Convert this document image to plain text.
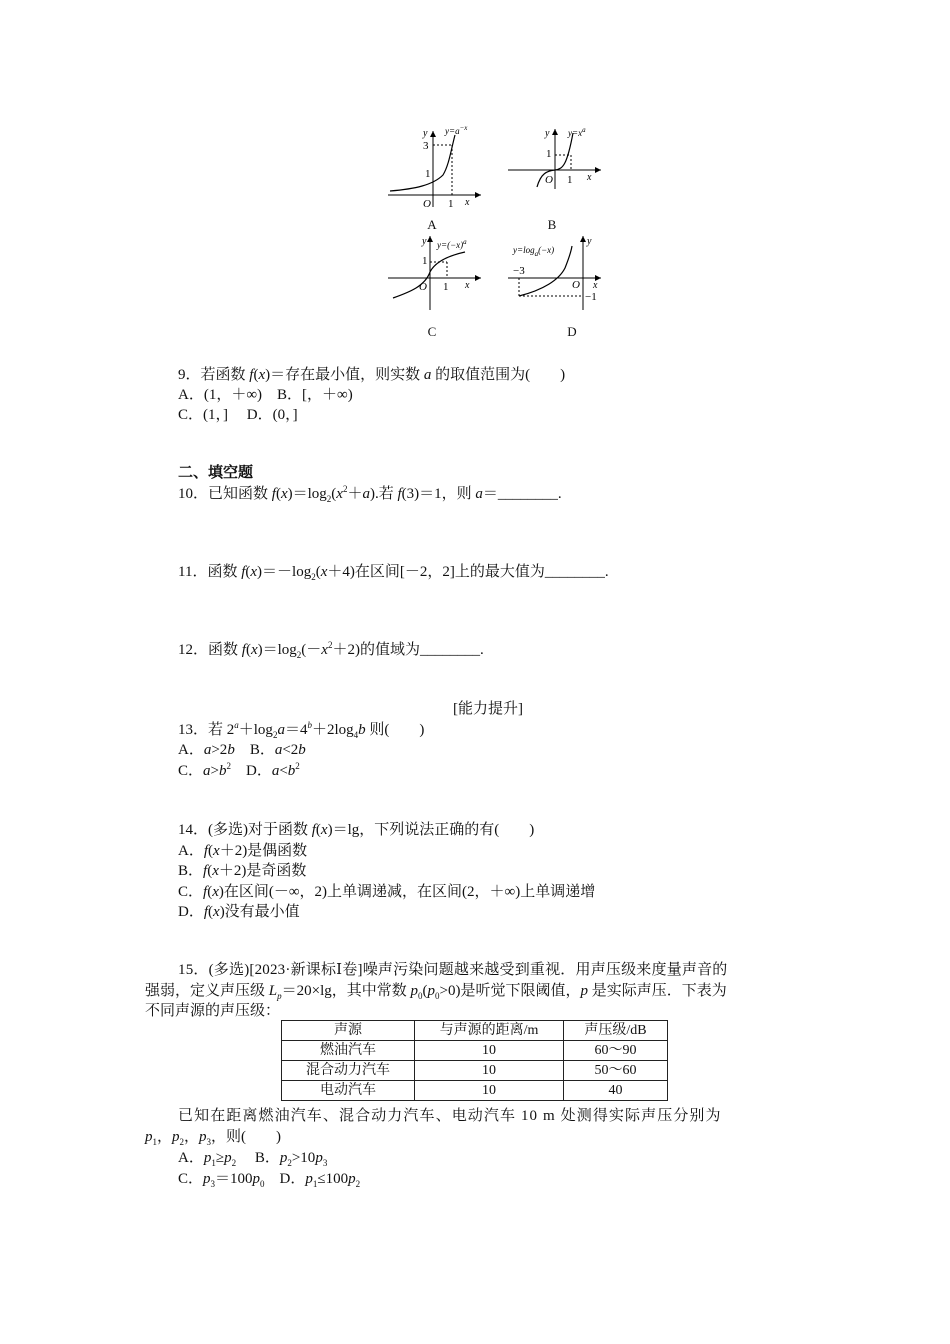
y $y=a^{-x}$
3
1
O 1 x
A
y $y=x^a$
1
O 1 x
B
y $y=(-x)^a$
1
O 1 x
C
y
$y=\log_a(-x)$
−3
O
−1
x
D
9．若函数 f(x)＝存在最小值，则实数 a 的取值范围为(　　)
A．(1，＋∞)　B．[，＋∞)
C．(1，]　 D．(0，]
二、填空题
10．已知函数 $f(x)=\log_2(x^2+a)$.若 f(3)＝1，则 a＝________.
11．函数 $f(x)=-\log_2(x+4)$在区间[－2，2]上的最大值为________.
12．函数 $f(x)=\log_2(-x^2+2)$的值域为________.
[能力提升]
13．若 $2^a+\log_2a=4^b+2\log_4b$ 则(　　)
A．a>2b　B．a<2b
C．$a>b^2$　D．$a<b^2$
14．(多选)对于函数 f(x)＝lg，下列说法正确的有(　　)
A．f(x＋2)是偶函数
B．f(x＋2)是奇函数
C．f(x)在区间(－∞，2)上单调递减，在区间(2，＋∞)上单调递增
D．f(x)没有最小值
15．(多选)[2023·新课标Ⅰ卷]噪声污染问题越来越受到重视．用声压级来度量声音的
强弱，定义声压级 $L_p=20\times\lg$，其中常数 $p_0(p_0>0)$是听觉下限阈值，p 是实际声压．下表为
不同声源的声压级：
声源	与声源的距离/m	声压级/dB
燃油汽车	10	60～90
混合动力汽车	10	50～60
电动汽车	10	40
已知在距离燃油汽车、混合动力汽车、电动汽车 10 m 处测得实际声压分别为
$p_1$，$p_2$，$p_3$，则(　　)
A．$p_1\ge p_2$　 B．$p_2>10p_3$
C．$p_3=100p_0$　D．$p_1\le 100p_2$
